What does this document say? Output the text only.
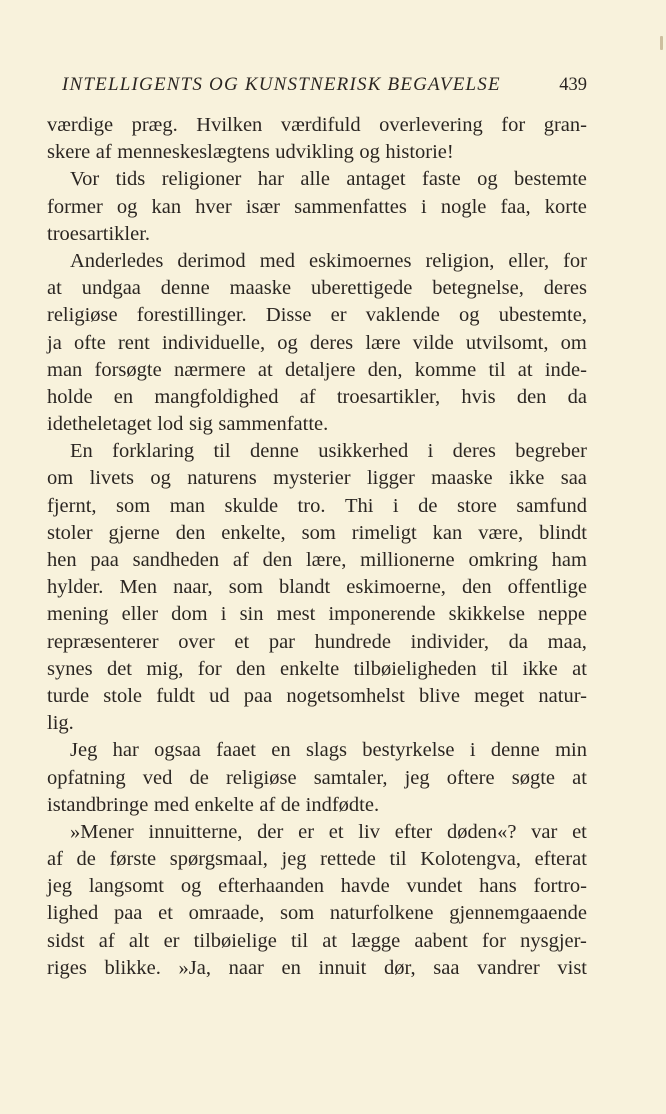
INTELLIGENTS OG KUNSTNERISK BEGAVELSE	439
værdige præg. Hvilken værdifuld overlevering for gran-
skere af menneskeslægtens udvikling og historie!
Vor tids religioner har alle antaget faste og bestemte
former og kan hver især sammenfattes i nogle faa, korte
troesartikler.
Anderledes derimod med eskimoernes religion, eller, for
at undgaa denne maaske uberettigede betegnelse, deres
religiøse forestillinger. Disse er vaklende og ubestemte,
ja ofte rent individuelle, og deres lære vilde utvilsomt, om
man forsøgte nærmere at detaljere den, komme til at inde-
holde en mangfoldighed af troesartikler, hvis den da
idetheletaget lod sig sammenfatte.
En forklaring til denne usikkerhed i deres begreber
om livets og naturens mysterier ligger maaske ikke saa
fjernt, som man skulde tro. Thi i de store samfund
stoler gjerne den enkelte, som rimeligt kan være, blindt
hen paa sandheden af den lære, millionerne omkring ham
hylder. Men naar, som blandt eskimoerne, den offentlige
mening eller dom i sin mest imponerende skikkelse neppe
repræsenterer over et par hundrede individer, da maa,
synes det mig, for den enkelte tilbøieligheden til ikke at
turde stole fuldt ud paa nogetsomhelst blive meget natur-
lig.
Jeg har ogsaa faaet en slags bestyrkelse i denne min
opfatning ved de religiøse samtaler, jeg oftere søgte at
istandbringe med enkelte af de indfødte.
»Mener innuitterne, der er et liv efter døden«? var et
af de første spørgsmaal, jeg rettede til Kolotengva, efterat
jeg langsomt og efterhaanden havde vundet hans fortro-
lighed paa et omraade, som naturfolkene gjennemgaaende
sidst af alt er tilbøielige til at lægge aabent for nysgjer-
riges blikke. »Ja, naar en innuit dør, saa vandrer vist
